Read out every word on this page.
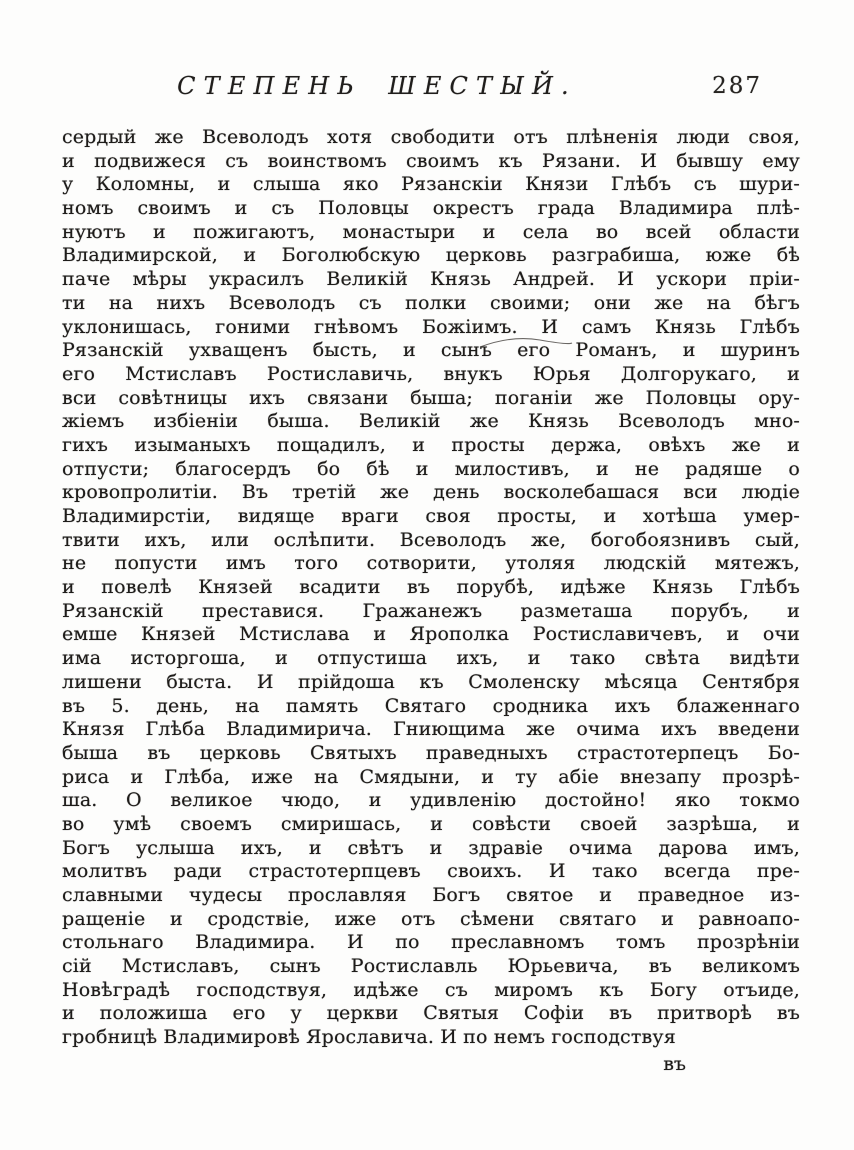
СТЕПЕНЬ ШЕСТЫЙ.	287
сердый же Всеволодъ хотя свободити отъ плѣненія люди своя,
и подвижеся съ воинствомъ своимъ къ Рязани. И бывшу ему
у Коломны, и слыша яко Рязанскіи Князи Глѣбъ съ шури-
номъ своимъ и съ Половцы окрестъ града Владимира плѣ-
нуютъ и пожигаютъ, монастыри и села во всей области
Владимирской, и Боголюбскую церковь разграбиша, юже бѣ
паче мѣры украсилъ Великій Князь Андрей. И ускори пріи-
ти на нихъ Всеволодъ съ полки своими; они же на бѣгъ
уклонишась, гоними гнѣвомъ Божіимъ. И самъ Князь Глѣбъ
Рязанскій ухващенъ бысть, и сынъ его Романъ, и шуринъ
его Мстиславъ Ростиславичь, внукъ Юрья Долгорукаго, и
вси совѣтницы ихъ связани быша; поганіи же Половцы ору-
жіемъ избіеніи быша. Великій же Князь Всеволодъ мно-
гихъ изыманыхъ пощадилъ, и просты держа, овѣхъ же и
отпусти; благосердъ бо бѣ и милостивъ, и не радяше о
кровопролитіи. Въ третій же день восколебашася вси людіе
Владимирстіи, видяще враги своя просты, и хотѣша умер-
твити ихъ, или ослѣпити. Всеволодъ же, богобоязнивъ сый,
не попусти имъ того сотворити, утоляя людскій мятежъ,
и повелѣ Князей всадити въ порубѣ, идѣже Князь Глѣбъ
Рязанскій преставися. Гражанежъ разметаша порубъ, и
емше Князей Мстислава и Ярополка Ростиславичевъ, и очи
има исторгоша, и отпустиша ихъ, и тако свѣта видѣти
лишени быста. И прійдоша къ Смоленску мѣсяца Сентября
въ 5. день, на память Святаго сродника ихъ блаженнаго
Князя Глѣба Владимирича. Гниющима же очима ихъ введени
быша въ церковь Святыхъ праведныхъ страстотерпецъ Бо-
риса и Глѣба, иже на Смядыни, и ту абіе внезапу прозрѣ-
ша. О великое чюдо, и удивленію достойно! яко токмо
во умѣ своемъ смиришась, и совѣсти своей зазрѣша, и
Богъ услыша ихъ, и свѣтъ и здравіе очима дарова имъ,
молитвъ ради страстотерпцевъ своихъ. И тако всегда пре-
славными чудесы прославляя Богъ святое и праведное из-
ращеніе и сродствіе, иже отъ сѣмени святаго и равноапо-
стольнаго Владимира. И по преславномъ томъ прозрѣніи
сій Мстиславъ, сынъ Ростиславль Юрьевича, въ великомъ
Новѣградѣ господствуя, идѣже съ миромъ къ Богу отъиде,
и положиша его у церкви Святыя Софіи въ притворѣ въ
гробницѣ Владимировѣ Ярославича. И по немъ господствуя
въ
